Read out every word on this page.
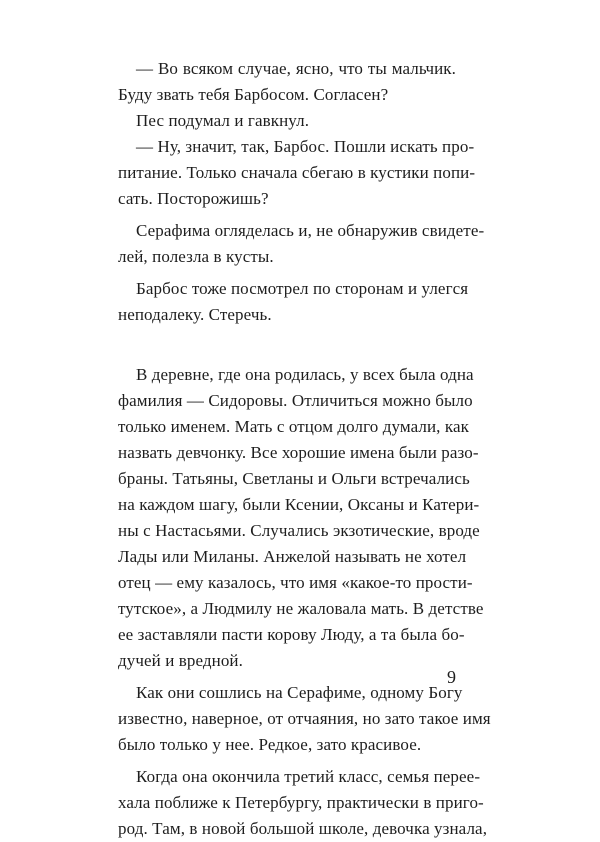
— Во всяком случае, ясно, что ты мальчик.
Буду звать тебя Барбосом. Согласен?
Пес подумал и гавкнул.
— Ну, значит, так, Барбос. Пошли искать про-
питание. Только сначала сбегаю в кустики попи-
сать. Посторожишь?
Серафима огляделась и, не обнаружив свидете-
лей, полезла в кусты.
Барбос тоже посмотрел по сторонам и улегся
неподалеку. Стеречь.
В деревне, где она родилась, у всех была одна
фамилия — Сидоровы. Отличиться можно было
только именем. Мать с отцом долго думали, как
назвать девчонку. Все хорошие имена были разо-
браны. Татьяны, Светланы и Ольги встречались
на каждом шагу, были Ксении, Оксаны и Катери-
ны с Настасьями. Случались экзотические, вроде
Лады или Миланы. Анжелой называть не хотел
отец — ему казалось, что имя «какое-то прости-
тутское», а Людмилу не жаловала мать. В детстве
ее заставляли пасти корову Люду, а та была бо-
дучей и вредной.
Как они сошлись на Серафиме, одному Богу
известно, наверное, от отчаяния, но зато такое имя
было только у нее. Редкое, зато красивое.
Когда она окончила третий класс, семья переe-
хала поближе к Петербургу, практически в приго-
род. Там, в новой большой школе, девочка узнала,
9
